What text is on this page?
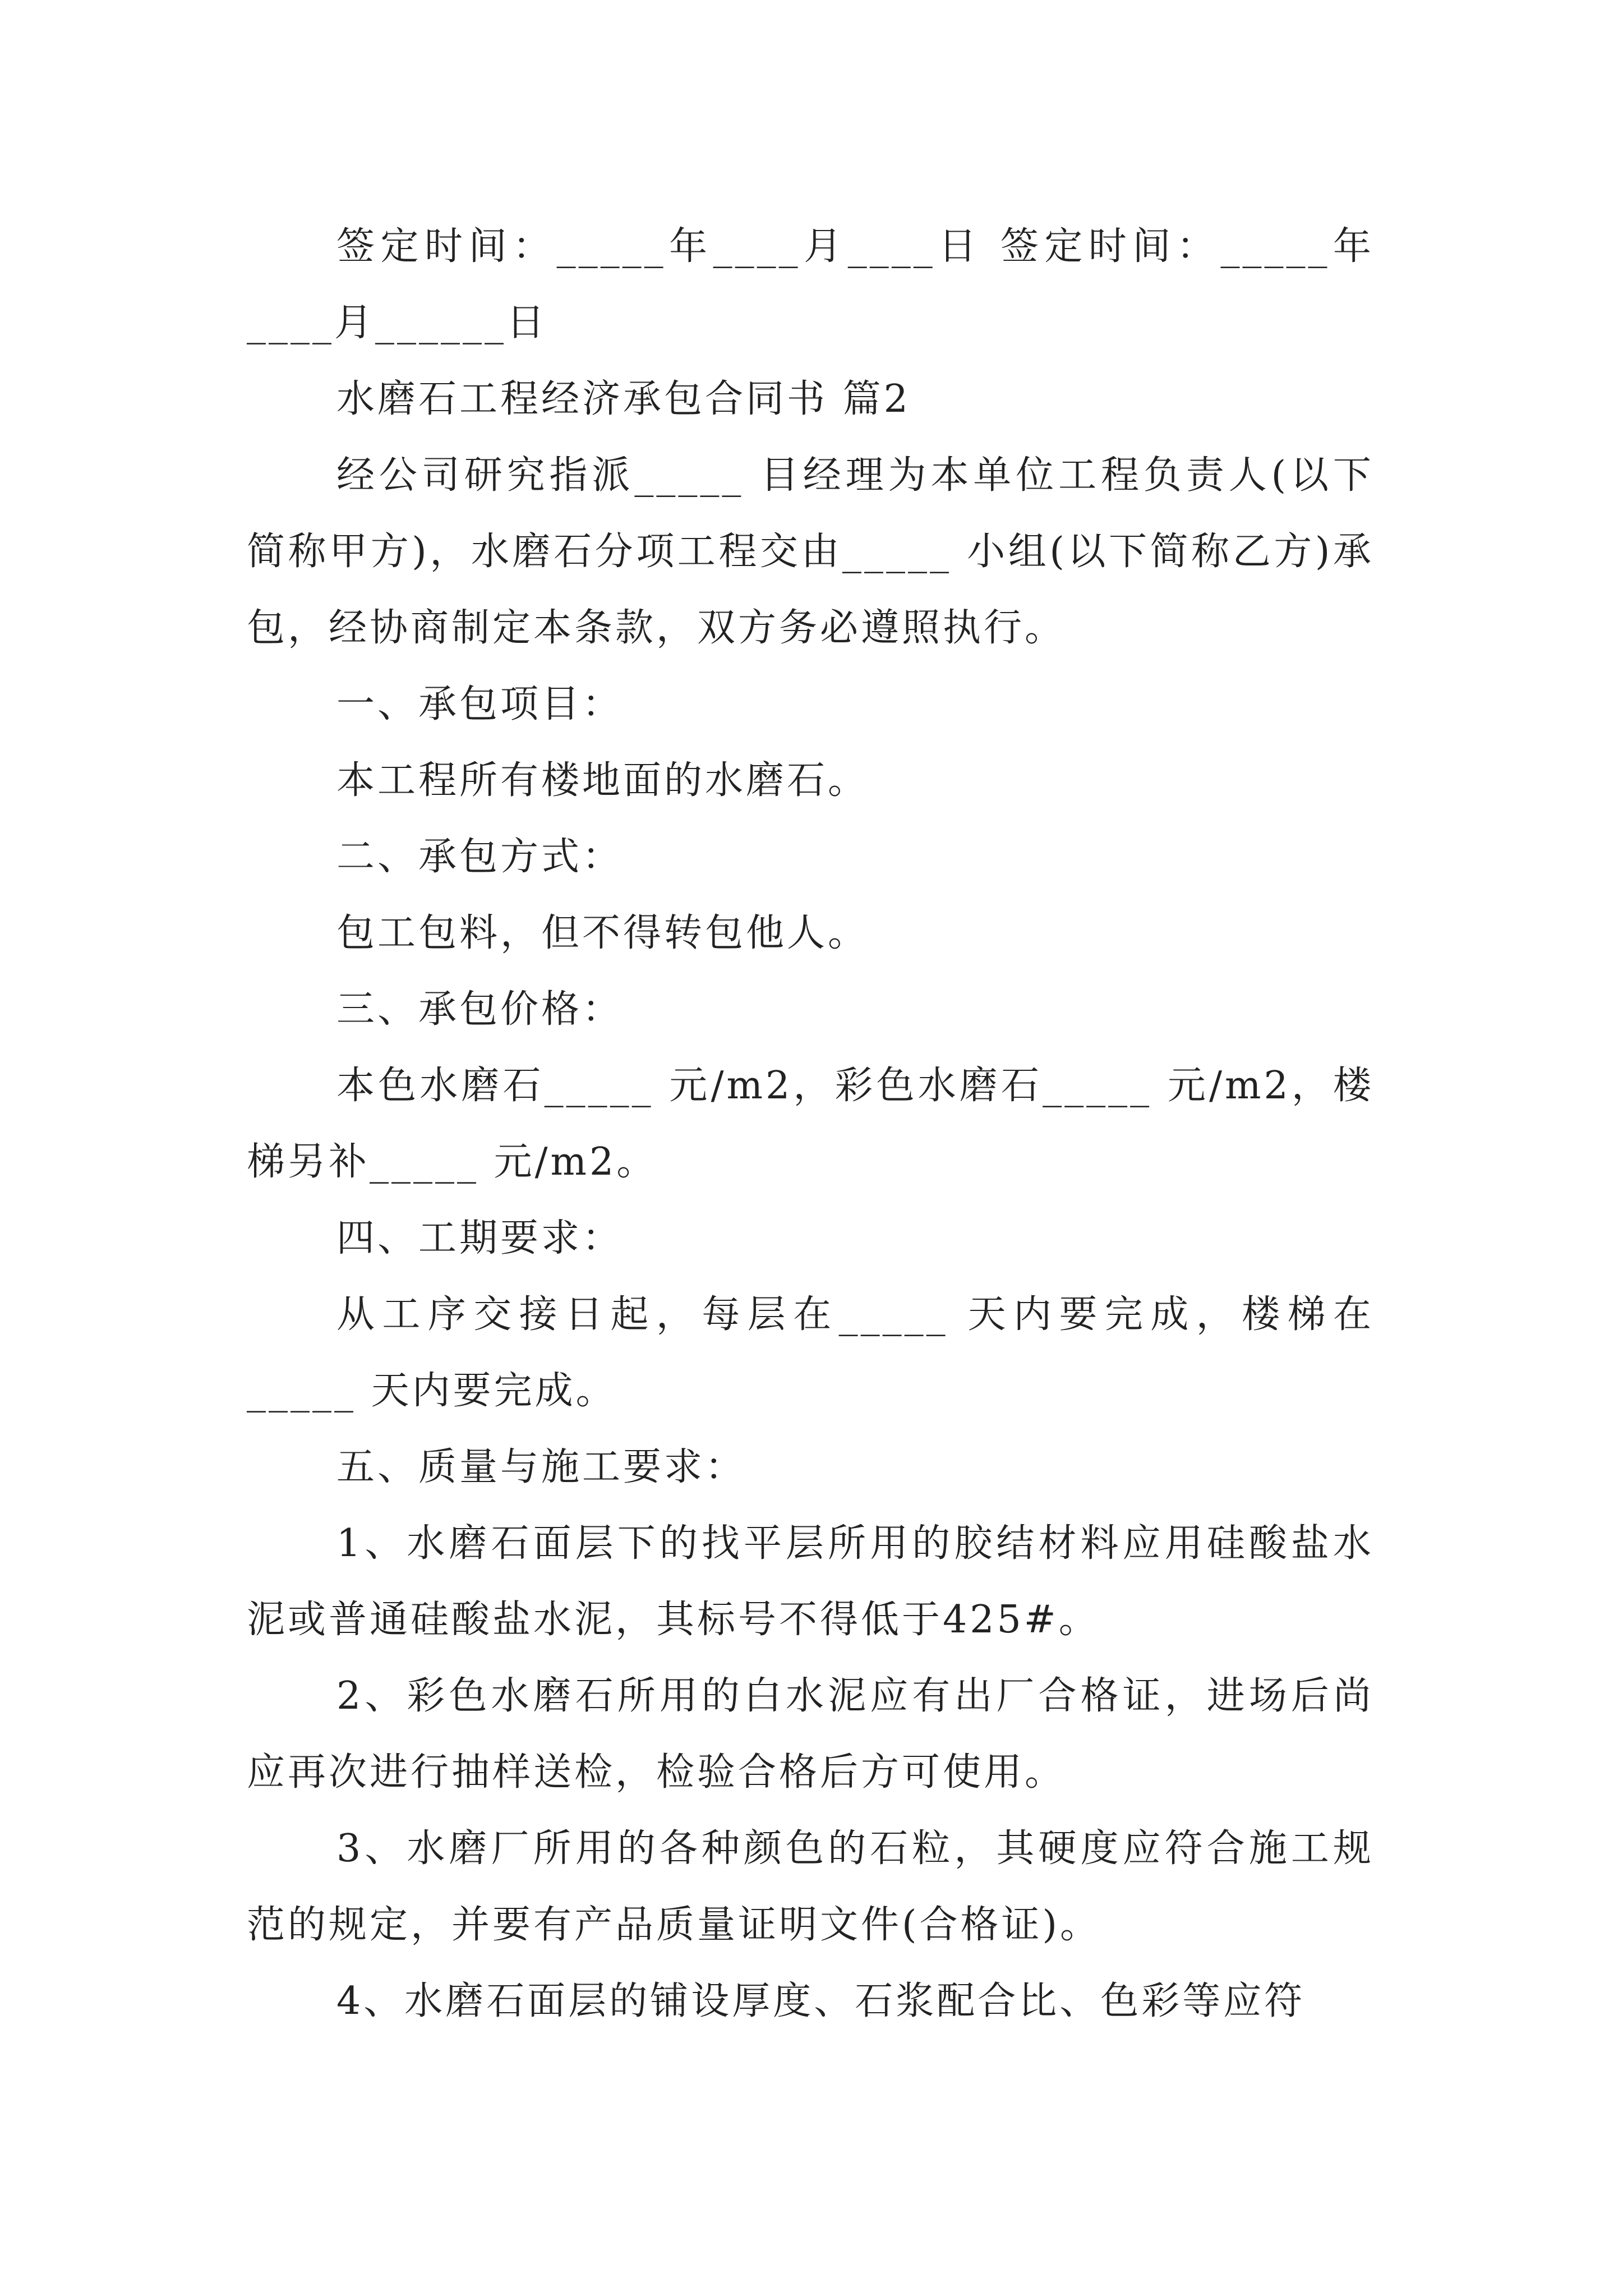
签定时间：_____年____月____日 签定时间：_____年____月______日

水磨石工程经济承包合同书 篇2

经公司研究指派_____ 目经理为本单位工程负责人(以下简称甲方)，水磨石分项工程交由_____ 小组(以下简称乙方)承包，经协商制定本条款，双方务必遵照执行。

一、承包项目：

本工程所有楼地面的水磨石。

二、承包方式：

包工包料，但不得转包他人。

三、承包价格：

本色水磨石_____ 元/m2，彩色水磨石_____ 元/m2，楼梯另补_____ 元/m2。

四、工期要求：

从工序交接日起，每层在_____ 天内要完成，楼梯在_____ 天内要完成。

五、质量与施工要求：

1、水磨石面层下的找平层所用的胶结材料应用硅酸盐水泥或普通硅酸盐水泥，其标号不得低于425#。

2、彩色水磨石所用的白水泥应有出厂合格证，进场后尚应再次进行抽样送检，检验合格后方可使用。

3、水磨厂所用的各种颜色的石粒，其硬度应符合施工规范的规定，并要有产品质量证明文件(合格证)。

4、水磨石面层的铺设厚度、石浆配合比、色彩等应符
